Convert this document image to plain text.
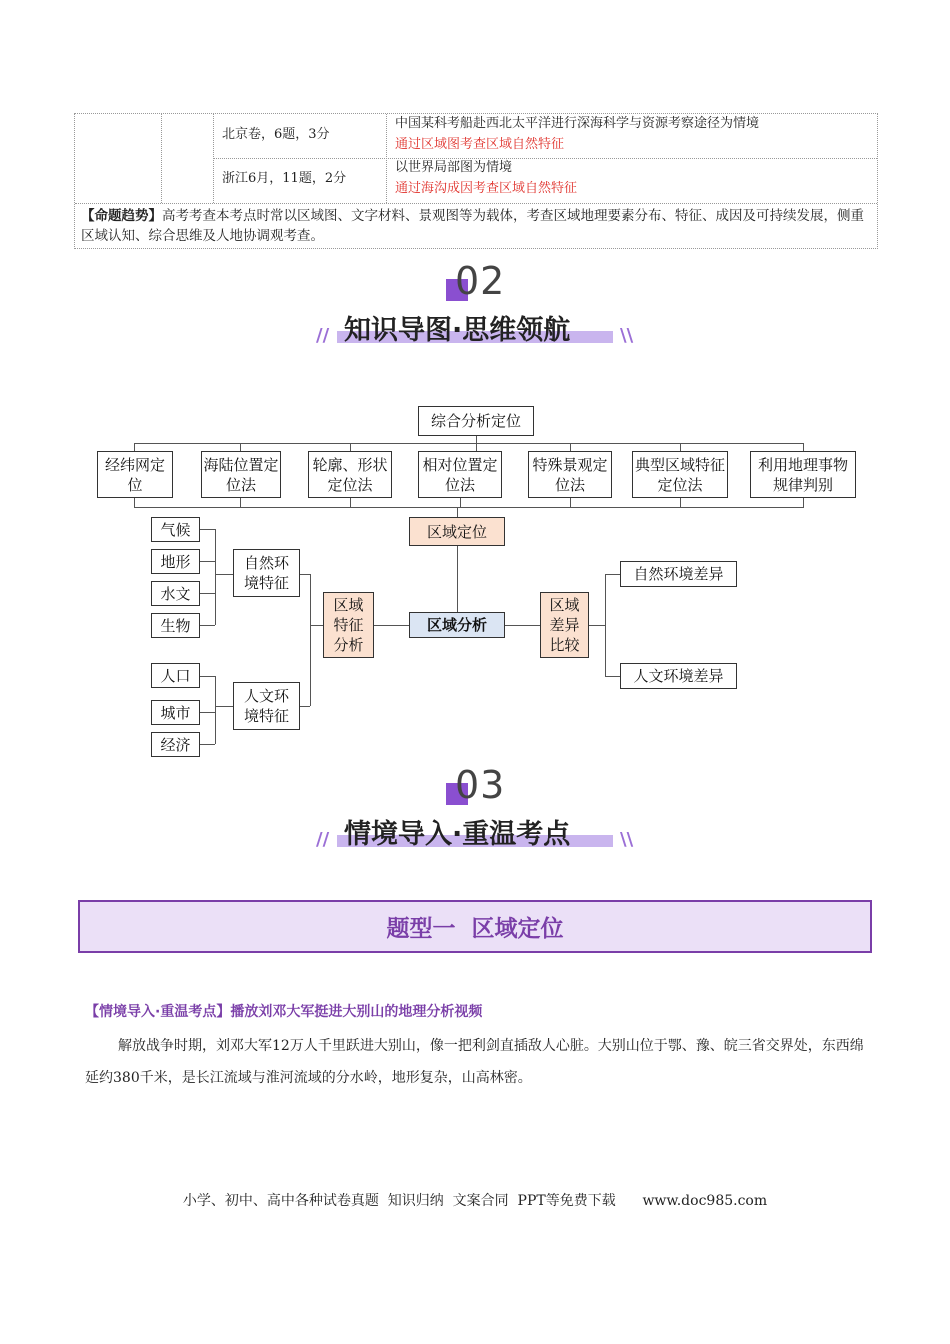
北京卷，6题，3分
中国某科考船赴西北太平洋进行深海科学与资源考察途径为情境
通过区域图考查区域自然特征
浙江6月，11题，2分
以世界局部图为情境
通过海沟成因考查区域自然特征
【命题趋势】高考考查本考点时常以区域图、文字材料、景观图等为载体，考查区域地理要素分布、特征、成因及可持续发展，侧重区域认知、综合思维及人地协调观考查。
02
//	\\
知识导图·思维领航
综合分析定位
经纬网定位
海陆位置定位法
轮廓、形状定位法
相对位置定位法
特殊景观定位法
典型区域特征定位法
利用地理事物规律判别
区域定位
区域分析
区域特征分析
区域差异比较
自然环境特征
人文环境特征
气候
地形
水文
生物
人口
城市
经济
自然环境差异
人文环境差异
03
//	\\
情境导入·重温考点
题型一  区域定位
【情境导入·重温考点】播放刘邓大军挺进大别山的地理分析视频
解放战争时期，刘邓大军12万人千里跃进大别山，像一把利剑直插敌人心脏。大别山位于鄂、豫、皖三省交界处，东西绵延约380千米，是长江流域与淮河流域的分水岭，地形复杂，山高林密。
小学、初中、高中各种试卷真题  知识归纳  文案合同  PPT等免费下载      www.doc985.com
